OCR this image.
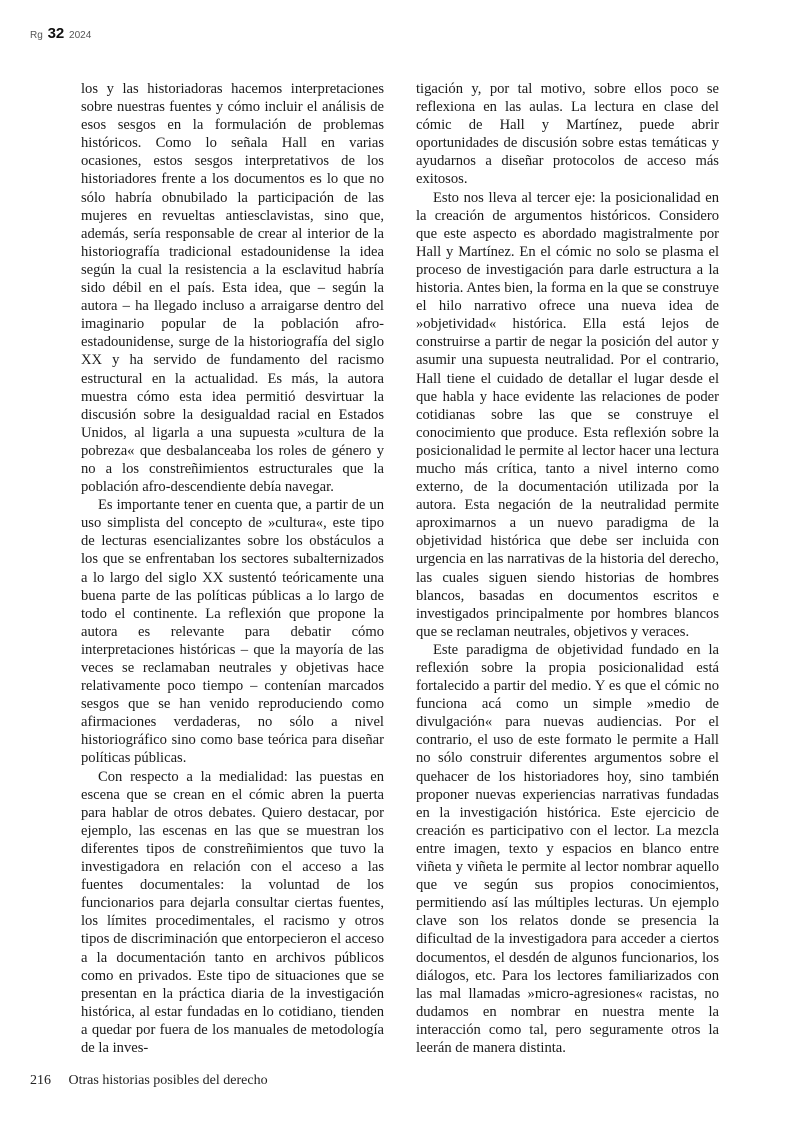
Rg 32 2024

los y las historiadoras hacemos interpretaciones sobre nuestras fuentes y cómo incluir el análisis de esos sesgos en la formulación de problemas históricos. Como lo señala Hall en varias ocasiones, estos sesgos interpretativos de los historiadores frente a los documentos es lo que no sólo habría obnubilado la participación de las mujeres en revueltas antiesclavistas, sino que, además, sería responsable de crear al interior de la historiografía tradicional estadounidense la idea según la cual la resistencia a la esclavitud habría sido débil en el país. Esta idea, que – según la autora – ha llegado incluso a arraigarse dentro del imaginario popular de la población afro-estadounidense, surge de la historiografía del siglo XX y ha servido de fundamento del racismo estructural en la actualidad. Es más, la autora muestra cómo esta idea permitió desvirtuar la discusión sobre la desigualdad racial en Estados Unidos, al ligarla a una supuesta »cultura de la pobreza« que desbalanceaba los roles de género y no a los constreñimientos estructurales que la población afro-descendiente debía navegar.

Es importante tener en cuenta que, a partir de un uso simplista del concepto de »cultura«, este tipo de lecturas esencializantes sobre los obstáculos a los que se enfrentaban los sectores subalternizados a lo largo del siglo XX sustentó teóricamente una buena parte de las políticas públicas a lo largo de todo el continente. La reflexión que propone la autora es relevante para debatir cómo interpretaciones históricas – que la mayoría de las veces se reclamaban neutrales y objetivas hace relativamente poco tiempo – contenían marcados sesgos que se han venido reproduciendo como afirmaciones verdaderas, no sólo a nivel historiográfico sino como base teórica para diseñar políticas públicas.

Con respecto a la medialidad: las puestas en escena que se crean en el cómic abren la puerta para hablar de otros debates. Quiero destacar, por ejemplo, las escenas en las que se muestran los diferentes tipos de constreñimientos que tuvo la investigadora en relación con el acceso a las fuentes documentales: la voluntad de los funcionarios para dejarla consultar ciertas fuentes, los límites procedimentales, el racismo y otros tipos de discriminación que entorpecieron el acceso a la documentación tanto en archivos públicos como en privados. Este tipo de situaciones que se presentan en la práctica diaria de la investigación histórica, al estar fundadas en lo cotidiano, tienden a quedar por fuera de los manuales de metodología de la inves-

tigación y, por tal motivo, sobre ellos poco se reflexiona en las aulas. La lectura en clase del cómic de Hall y Martínez, puede abrir oportunidades de discusión sobre estas temáticas y ayudarnos a diseñar protocolos de acceso más exitosos.

Esto nos lleva al tercer eje: la posicionalidad en la creación de argumentos históricos. Considero que este aspecto es abordado magistralmente por Hall y Martínez. En el cómic no solo se plasma el proceso de investigación para darle estructura a la historia. Antes bien, la forma en la que se construye el hilo narrativo ofrece una nueva idea de »objetividad« histórica. Ella está lejos de construirse a partir de negar la posición del autor y asumir una supuesta neutralidad. Por el contrario, Hall tiene el cuidado de detallar el lugar desde el que habla y hace evidente las relaciones de poder cotidianas sobre las que se construye el conocimiento que produce. Esta reflexión sobre la posicionalidad le permite al lector hacer una lectura mucho más crítica, tanto a nivel interno como externo, de la documentación utilizada por la autora. Esta negación de la neutralidad permite aproximarnos a un nuevo paradigma de la objetividad histórica que debe ser incluida con urgencia en las narrativas de la historia del derecho, las cuales siguen siendo historias de hombres blancos, basadas en documentos escritos e investigados principalmente por hombres blancos que se reclaman neutrales, objetivos y veraces.

Este paradigma de objetividad fundado en la reflexión sobre la propia posicionalidad está fortalecido a partir del medio. Y es que el cómic no funciona acá como un simple »medio de divulgación« para nuevas audiencias. Por el contrario, el uso de este formato le permite a Hall no sólo construir diferentes argumentos sobre el quehacer de los historiadores hoy, sino también proponer nuevas experiencias narrativas fundadas en la investigación histórica. Este ejercicio de creación es participativo con el lector. La mezcla entre imagen, texto y espacios en blanco entre viñeta y viñeta le permite al lector nombrar aquello que ve según sus propios conocimientos, permitiendo así las múltiples lecturas. Un ejemplo clave son los relatos donde se presencia la dificultad de la investigadora para acceder a ciertos documentos, el desdén de algunos funcionarios, los diálogos, etc. Para los lectores familiarizados con las mal llamadas »micro-agresiones« racistas, no dudamos en nombrar en nuestra mente la interacción como tal, pero seguramente otros la leerán de manera distinta.

216 Otras historias posibles del derecho
